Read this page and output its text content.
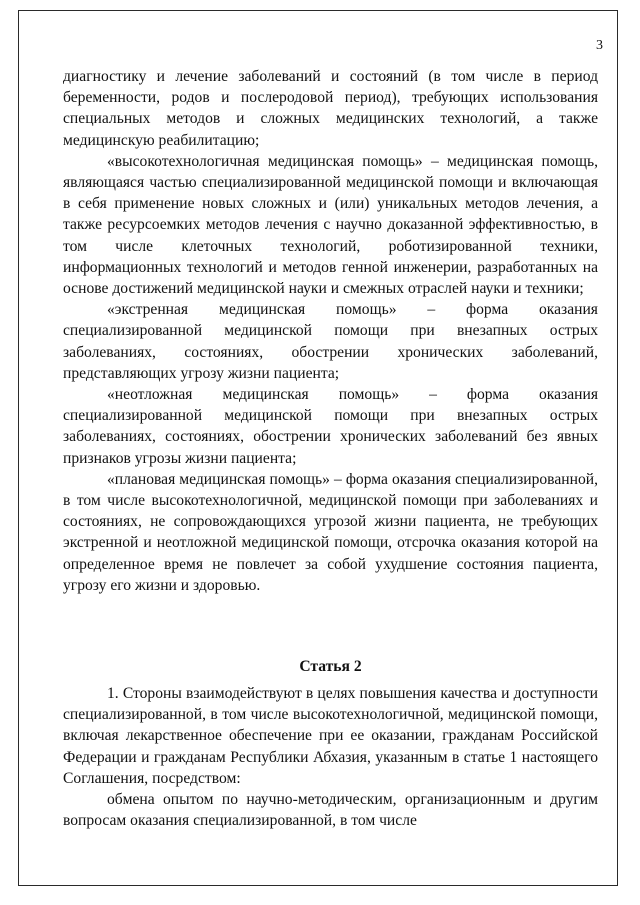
3

диагностику и лечение заболеваний и состояний (в том числе в период беременности, родов и послеродовой период), требующих использования специальных методов и сложных медицинских технологий, а также медицинскую реабилитацию;

«высокотехнологичная медицинская помощь» – медицинская помощь, являющаяся частью специализированной медицинской помощи и включающая в себя применение новых сложных и (или) уникальных методов лечения, а также ресурсоемких методов лечения с научно доказанной эффективностью, в том числе клеточных технологий, роботизированной техники, информационных технологий и методов генной инженерии, разработанных на основе достижений медицинской науки и смежных отраслей науки и техники;

«экстренная медицинская помощь» – форма оказания специализированной медицинской помощи при внезапных острых заболеваниях, состояниях, обострении хронических заболеваний, представляющих угрозу жизни пациента;

«неотложная медицинская помощь» – форма оказания специализированной медицинской помощи при внезапных острых заболеваниях, состояниях, обострении хронических заболеваний без явных признаков угрозы жизни пациента;

«плановая медицинская помощь» – форма оказания специализированной, в том числе высокотехнологичной, медицинской помощи при заболеваниях и состояниях, не сопровождающихся угрозой жизни пациента, не требующих экстренной и неотложной медицинской помощи, отсрочка оказания которой на определенное время не повлечет за собой ухудшение состояния пациента, угрозу его жизни и здоровью.

Статья 2

1. Стороны взаимодействуют в целях повышения качества и доступности специализированной, в том числе высокотехнологичной, медицинской помощи, включая лекарственное обеспечение при ее оказании, гражданам Российской Федерации и гражданам Республики Абхазия, указанным в статье 1 настоящего Соглашения, посредством:

обмена опытом по научно-методическим, организационным и другим вопросам оказания специализированной, в том числе
